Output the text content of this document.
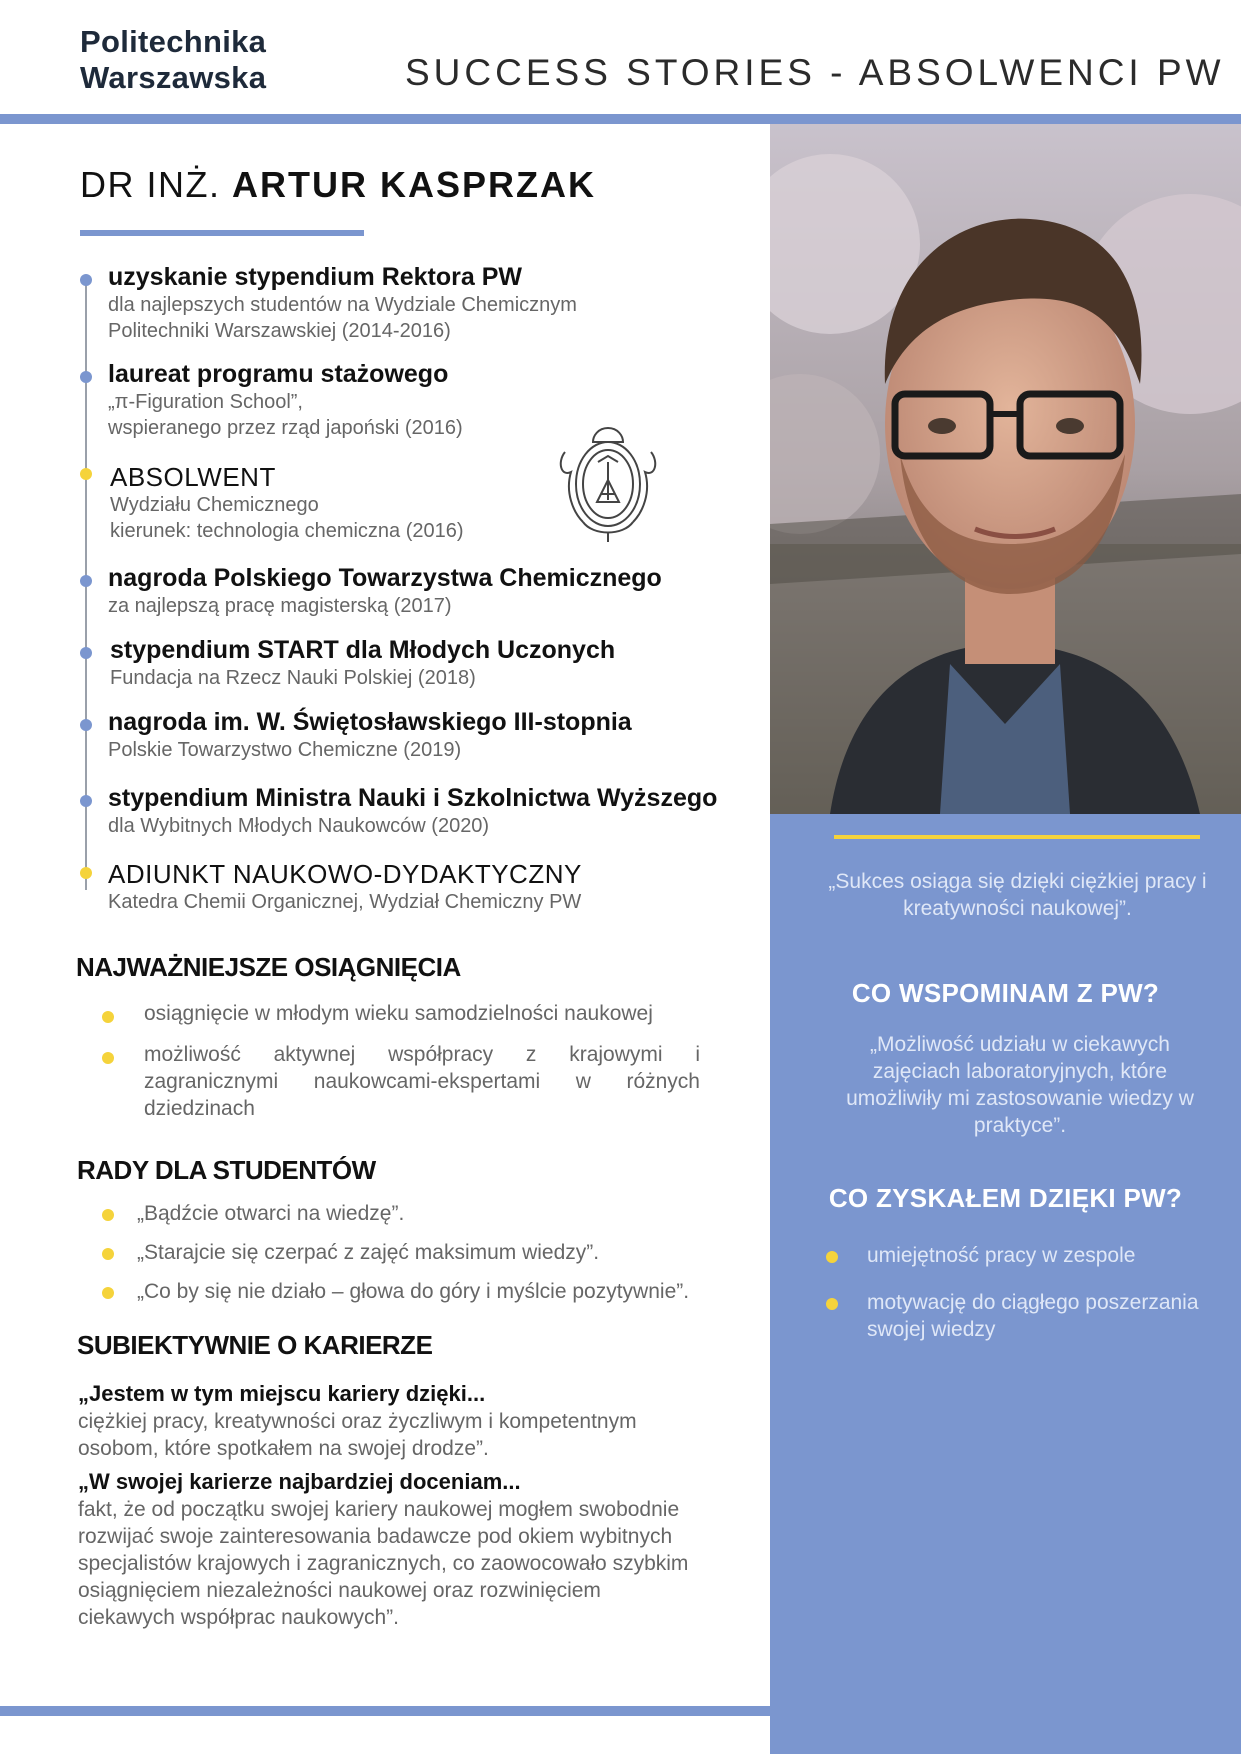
Politechnika
Warszawska	SUCCESS STORIES - ABSOLWENCI PW
„Sukces osiąga się dzięki ciężkiej pracy i kreatywności naukowej”.
CO WSPOMINAM Z PW?
„Możliwość udziału w ciekawych zajęciach laboratoryjnych, które umożliwiły mi zastosowanie wiedzy w praktyce”.
CO ZYSKAŁEM DZIĘKI PW?
umiejętność pracy w zespole
motywację do ciągłego poszerzania swojej wiedzy
DR INŻ. ARTUR KASPRZAK
uzyskanie stypendium Rektora PW
dla najlepszych studentów na Wydziale Chemicznym
Politechniki Warszawskiej (2014-2016)
laureat programu stażowego
„π-Figuration School”,
wspieranego przez rząd japoński (2016)
ABSOLWENT
Wydziału Chemicznego
kierunek: technologia chemiczna (2016)
nagroda Polskiego Towarzystwa Chemicznego
za najlepszą pracę magisterską (2017)
stypendium START dla Młodych Uczonych
Fundacja na Rzecz Nauki Polskiej (2018)
nagroda im. W. Świętosławskiego III-stopnia
Polskie Towarzystwo Chemiczne (2019)
stypendium Ministra Nauki i Szkolnictwa Wyższego
dla Wybitnych Młodych Naukowców (2020)
ADIUNKT NAUKOWO-DYDAKTYCZNY
Katedra Chemii Organicznej, Wydział Chemiczny PW
NAJWAŻNIEJSZE OSIĄGNIĘCIA
osiągnięcie w młodym wieku samodzielności naukowej
możliwość aktywnej współpracy z krajowymi i zagranicznymi naukowcami-ekspertami w różnych dziedzinach
RADY DLA STUDENTÓW
„Bądźcie otwarci na wiedzę”.
„Starajcie się czerpać z zajęć maksimum wiedzy”.
„Co by się nie działo – głowa do góry i myślcie pozytywnie”.
SUBIEKTYWNIE O KARIERZE
„Jestem w tym miejscu kariery dzięki...
ciężkiej pracy, kreatywności oraz życzliwym i kompetentnym osobom, które spotkałem na swojej drodze”.
„W swojej karierze najbardziej doceniam...
fakt, że od początku swojej kariery naukowej mogłem swobodnie rozwijać swoje zainteresowania badawcze pod okiem wybitnych specjalistów krajowych i zagranicznych, co zaowocowało szybkim osiągnięciem niezależności naukowej oraz rozwinięciem ciekawych współprac naukowych”.
